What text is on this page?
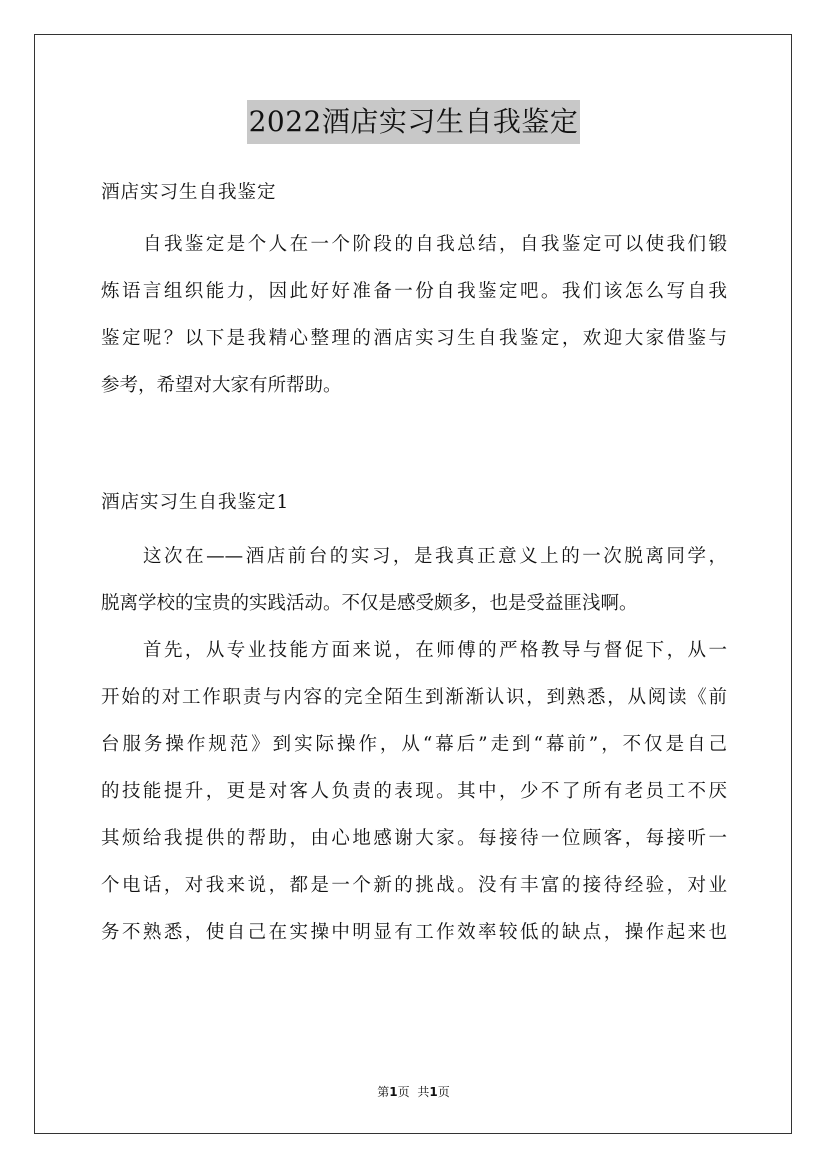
2022酒店实习生自我鉴定
酒店实习生自我鉴定
自我鉴定是个人在一个阶段的自我总结，自我鉴定可以使我们锻
炼语言组织能力，因此好好准备一份自我鉴定吧。我们该怎么写自我
鉴定呢？以下是我精心整理的酒店实习生自我鉴定，欢迎大家借鉴与
参考，希望对大家有所帮助。
酒店实习生自我鉴定1
这次在——酒店前台的实习，是我真正意义上的一次脱离同学，
脱离学校的宝贵的实践活动。不仅是感受颇多，也是受益匪浅啊。
首先，从专业技能方面来说，在师傅的严格教导与督促下，从一
开始的对工作职责与内容的完全陌生到渐渐认识，到熟悉，从阅读《前
台服务操作规范》到实际操作，从“幕后”走到“幕前”，不仅是自己
的技能提升，更是对客人负责的表现。其中，少不了所有老员工不厌
其烦给我提供的帮助，由心地感谢大家。每接待一位顾客，每接听一
个电话，对我来说，都是一个新的挑战。没有丰富的接待经验，对业
务不熟悉，使自己在实操中明显有工作效率较低的缺点，操作起来也
第1页 共1页
